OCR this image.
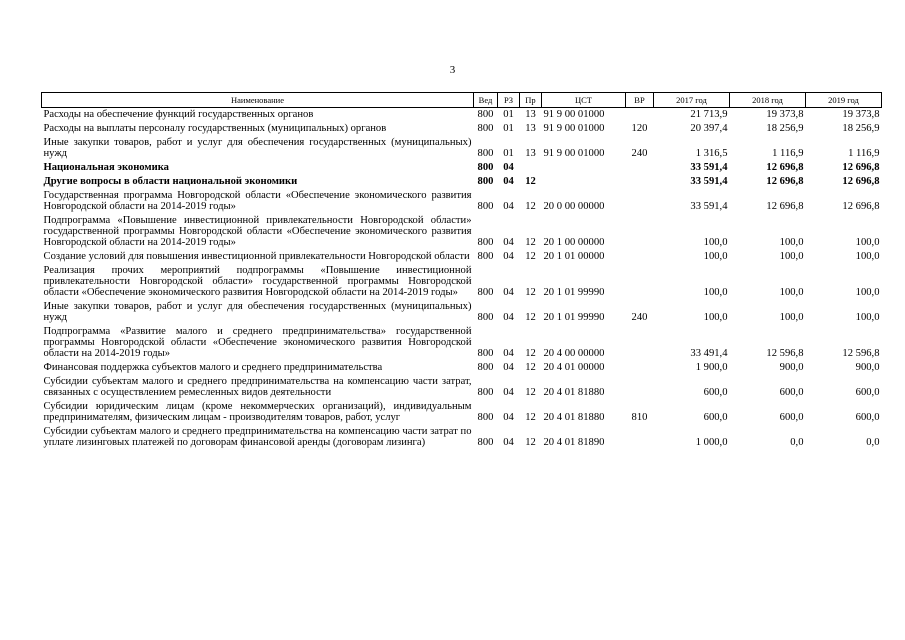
3
Наименование	Вед	РЗ	Пр	ЦСТ	ВР	2017 год	2018 год	2019 год
Расходы на обеспечение функций государственных органов	800	01	13	91 9 00 01000		21 713,9	19 373,8	19 373,8
Расходы на выплаты персоналу государственных (муниципальных) органов	800	01	13	91 9 00 01000	120	20 397,4	18 256,9	18 256,9
Иные закупки товаров, работ и услуг для обеспечения государственных (муниципальных) нужд	800	01	13	91 9 00 01000	240	1 316,5	1 116,9	1 116,9
Национальная экономика	800	04				33 591,4	12 696,8	12 696,8
Другие вопросы в области национальной экономики	800	04	12			33 591,4	12 696,8	12 696,8
Государственная программа Новгородской области «Обеспечение экономического развития Новгородской области на 2014-2019 годы»	800	04	12	20 0 00 00000		33 591,4	12 696,8	12 696,8
Подпрограмма «Повышение инвестиционной привлекательности Новгородской области» государственной программы Новгородской области «Обеспечение экономического развития Новгородской области на 2014-2019 годы»	800	04	12	20 1 00 00000		100,0	100,0	100,0
Создание условий для повышения инвестиционной привлекательности Новгородской области	800	04	12	20 1 01 00000		100,0	100,0	100,0
Реализация прочих мероприятий подпрограммы «Повышение инвестиционной привлекательности Новгородской области» государственной программы Новгородской области «Обеспечение экономического развития Новгородской области на 2014-2019 годы»	800	04	12	20 1 01 99990		100,0	100,0	100,0
Иные закупки товаров, работ и услуг для обеспечения государственных (муниципальных) нужд	800	04	12	20 1 01 99990	240	100,0	100,0	100,0
Подпрограмма «Развитие малого и среднего предпринимательства» государственной программы Новгородской области «Обеспечение экономического развития Новгородской области на 2014-2019 годы»	800	04	12	20 4 00 00000		33 491,4	12 596,8	12 596,8
Финансовая поддержка субъектов малого и среднего предпринимательства	800	04	12	20 4 01 00000		1 900,0	900,0	900,0
Субсидии субъектам малого и среднего предпринимательства на компенсацию части затрат, связанных с осуществлением ремесленных видов деятельности	800	04	12	20 4 01 81880		600,0	600,0	600,0
Субсидии юридическим лицам (кроме некоммерческих организаций), индивидуальным предпринимателям, физическим лицам - производителям товаров, работ, услуг	800	04	12	20 4 01 81880	810	600,0	600,0	600,0
Субсидии субъектам малого и среднего предпринимательства на компенсацию части затрат по уплате лизинговых платежей по договорам финансовой аренды (договорам лизинга)	800	04	12	20 4 01 81890		1 000,0	0,0	0,0
